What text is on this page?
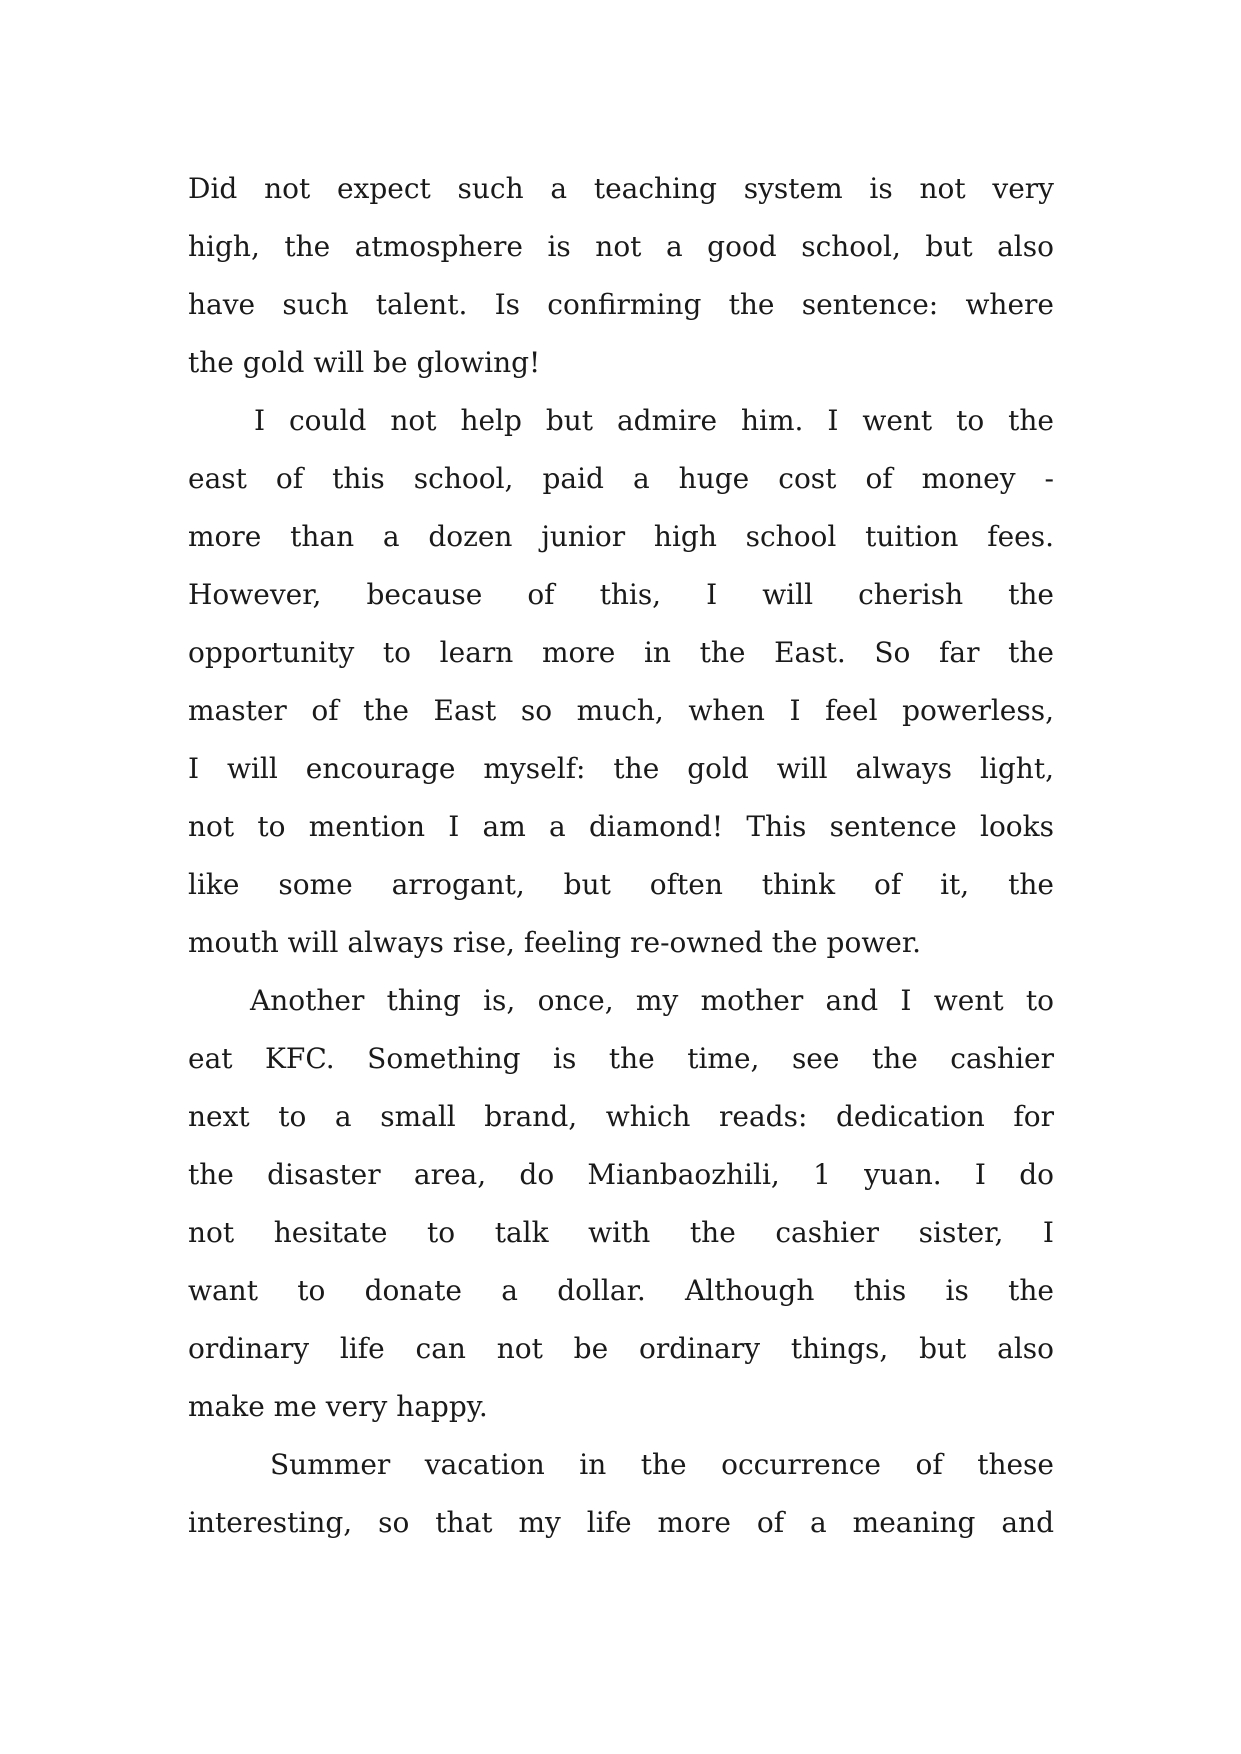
Did not expect such a teaching system is not very
high, the atmosphere is not a good school, but also
have such talent. Is confirming the sentence: where
the gold will be glowing!
I could not help but admire him. I went to the
east of this school, paid a huge cost of money -
more than a dozen junior high school tuition fees.
However, because of this, I will cherish the
opportunity to learn more in the East. So far the
master of the East so much, when I feel powerless,
I will encourage myself: the gold will always light,
not to mention I am a diamond! This sentence looks
like some arrogant, but often think of it, the
mouth will always rise, feeling re-owned the power.
Another thing is, once, my mother and I went to
eat KFC. Something is the time, see the cashier
next to a small brand, which reads: dedication for
the disaster area, do Mianbaozhili, 1 yuan. I do
not hesitate to talk with the cashier sister, I
want to donate a dollar. Although this is the
ordinary life can not be ordinary things, but also
make me very happy.
Summer vacation in the occurrence of these
interesting, so that my life more of a meaning and
